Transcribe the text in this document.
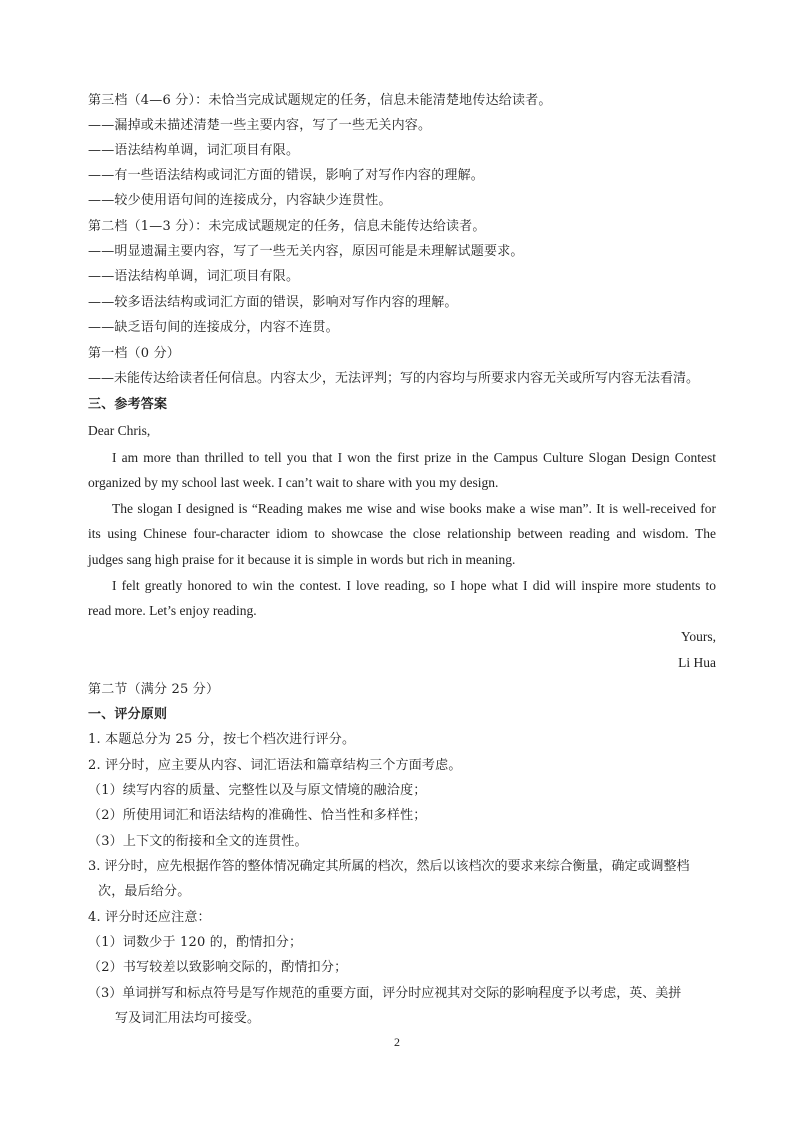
第三档（4—6 分）：未恰当完成试题规定的任务，信息未能清楚地传达给读者。
——漏掉或未描述清楚一些主要内容，写了一些无关内容。
——语法结构单调，词汇项目有限。
——有一些语法结构或词汇方面的错误，影响了对写作内容的理解。
——较少使用语句间的连接成分，内容缺少连贯性。
第二档（1—3 分）：未完成试题规定的任务，信息未能传达给读者。
——明显遗漏主要内容，写了一些无关内容，原因可能是未理解试题要求。
——语法结构单调，词汇项目有限。
——较多语法结构或词汇方面的错误，影响对写作内容的理解。
——缺乏语句间的连接成分，内容不连贯。
第一档（0 分）
——未能传达给读者任何信息。内容太少，无法评判；写的内容均与所要求内容无关或所写内容无法看清。
三、参考答案
Dear Chris,
I am more than thrilled to tell you that I won the first prize in the Campus Culture Slogan Design Contest
organized by my school last week. I can’t wait to share with you my design.
The slogan I designed is “Reading makes me wise and wise books make a wise man”. It is well-received for
its using Chinese four-character idiom to showcase the close relationship between reading and wisdom. The
judges sang high praise for it because it is simple in words but rich in meaning.
I felt greatly honored to win the contest. I love reading, so I hope what I did will inspire more students to
read more. Let’s enjoy reading.
Yours,
Li Hua
第二节（满分 25 分）
一、评分原则
1. 本题总分为 25 分，按七个档次进行评分。
2. 评分时，应主要从内容、词汇语法和篇章结构三个方面考虑。
（1）续写内容的质量、完整性以及与原文情境的融洽度；
（2）所使用词汇和语法结构的准确性、恰当性和多样性；
（3）上下文的衔接和全文的连贯性。
3. 评分时，应先根据作答的整体情况确定其所属的档次，然后以该档次的要求来综合衡量，确定或调整档
次，最后给分。
4. 评分时还应注意：
（1）词数少于 120 的，酌情扣分；
（2）书写较差以致影响交际的，酌情扣分；
（3）单词拼写和标点符号是写作规范的重要方面，评分时应视其对交际的影响程度予以考虑，英、美拼
写及词汇用法均可接受。
2
